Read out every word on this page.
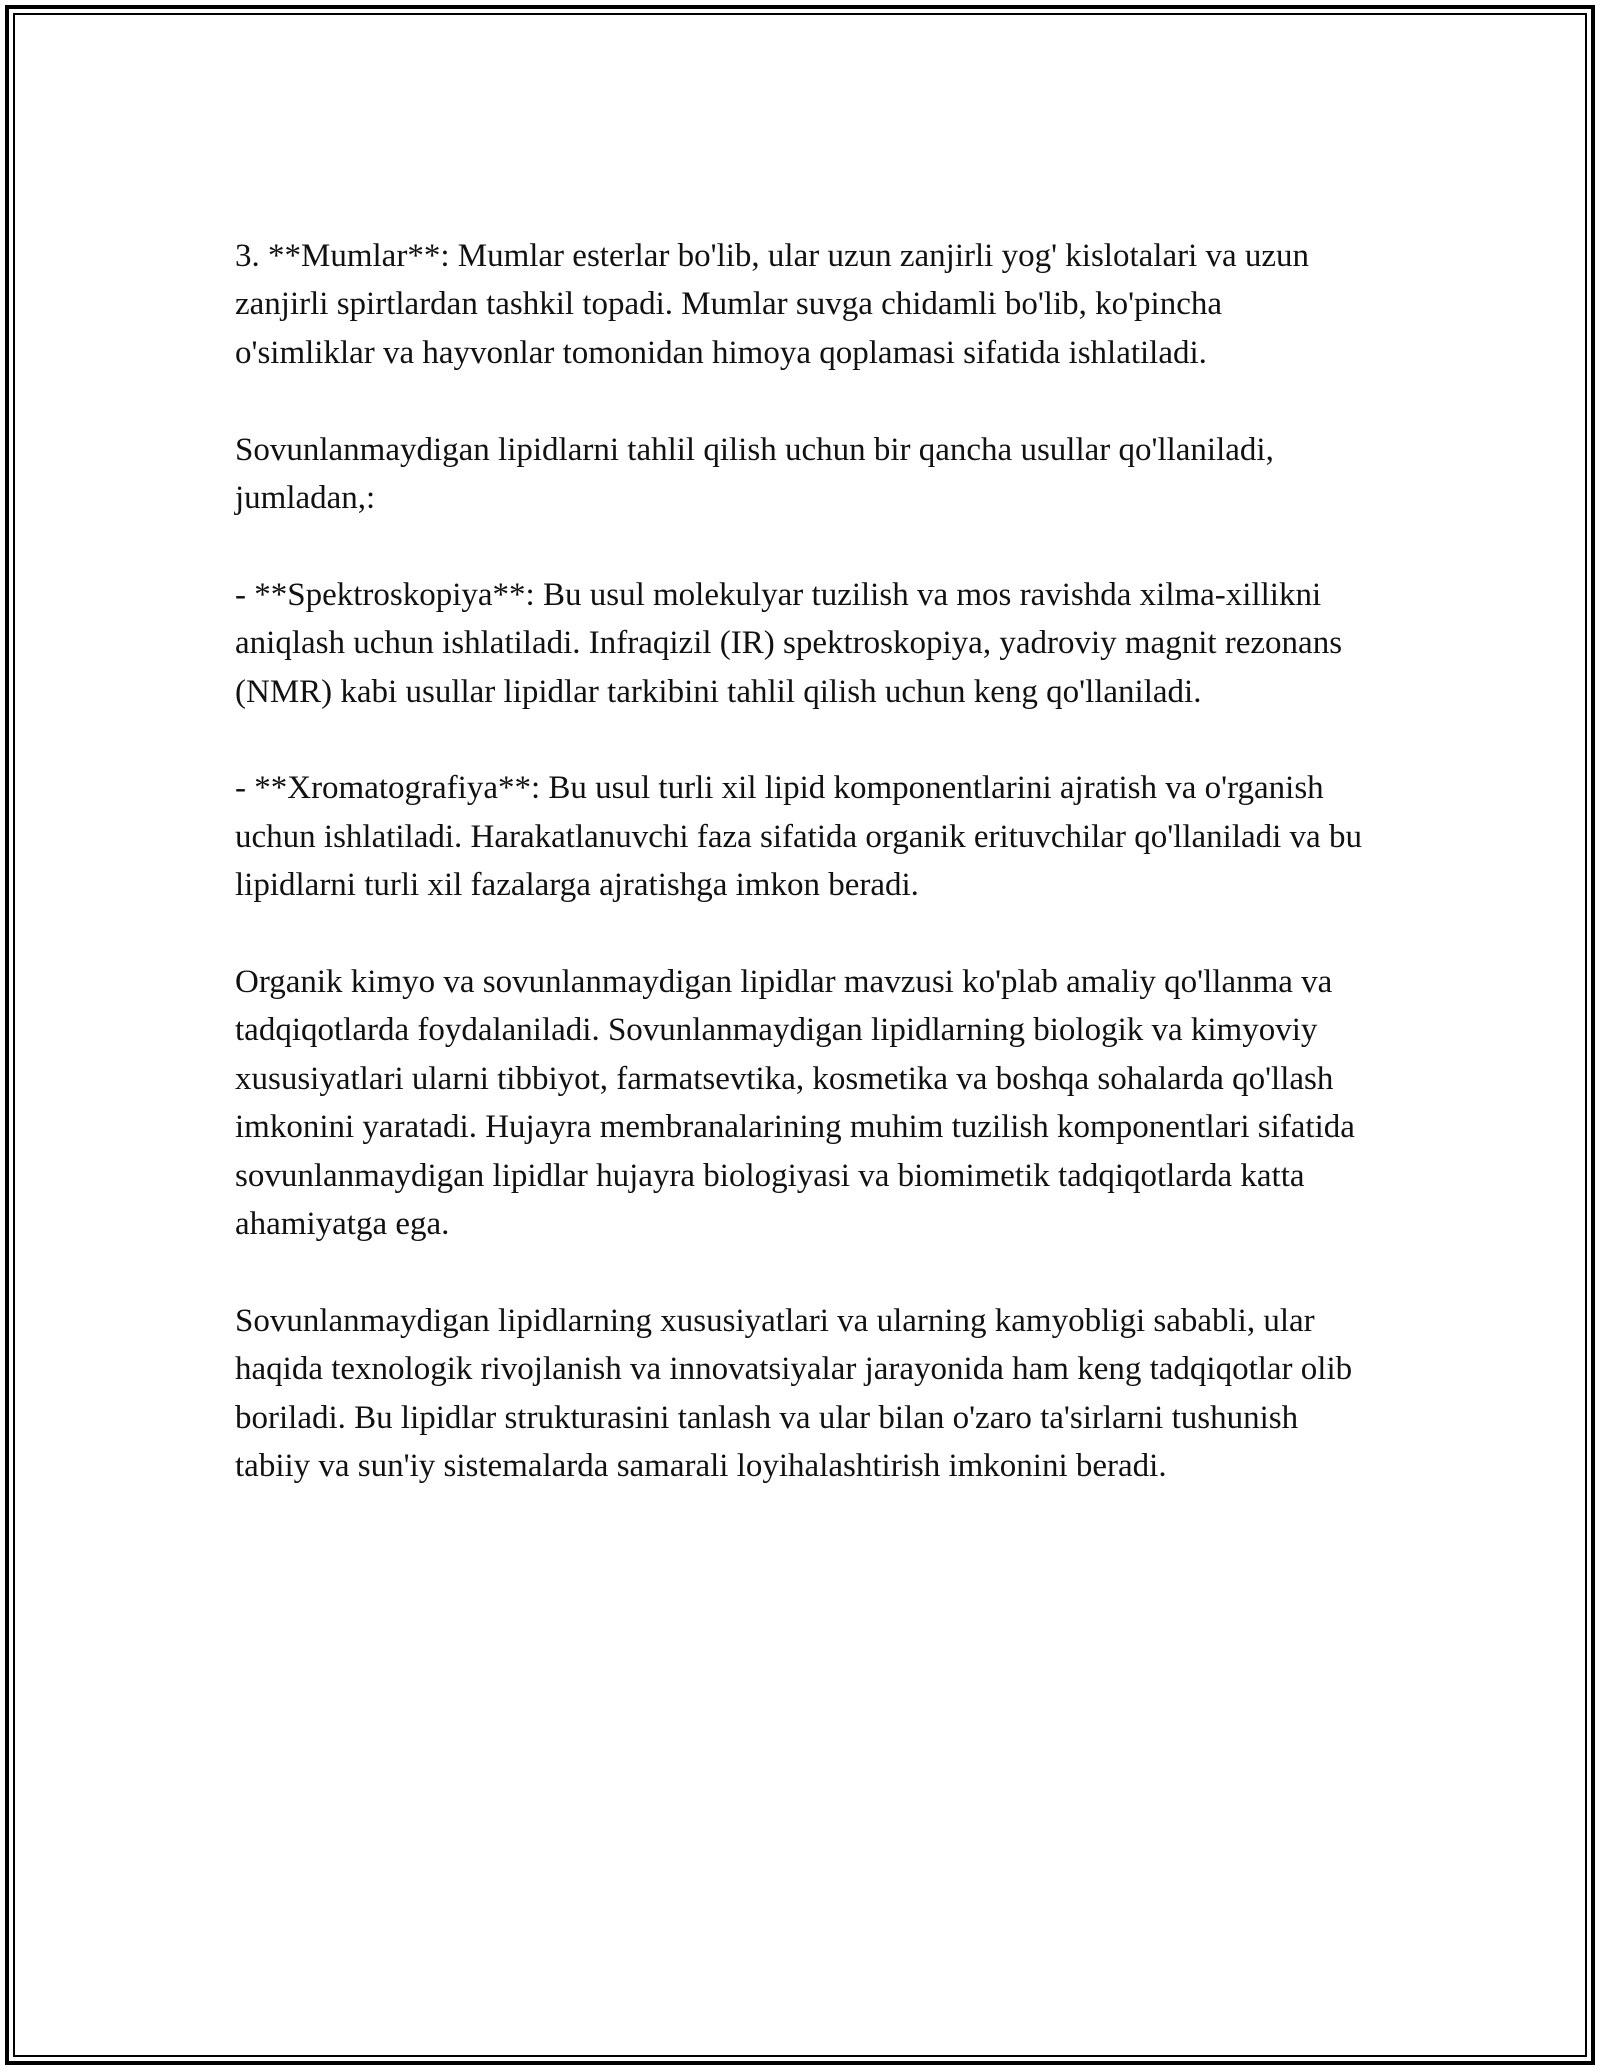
3. **Mumlar**: Mumlar esterlar bo'lib, ular uzun zanjirli yog' kislotalari va uzun zanjirli spirtlardan tashkil topadi. Mumlar suvga chidamli bo'lib, ko'pincha o'simliklar va hayvonlar tomonidan himoya qoplamasi sifatida ishlatiladi.

Sovunlanmaydigan lipidlarni tahlil qilish uchun bir qancha usullar qo'llaniladi, jumladan,:

- **Spektroskopiya**: Bu usul molekulyar tuzilish va mos ravishda xilma-xillikni aniqlash uchun ishlatiladi. Infraqizil (IR) spektroskopiya, yadroviy magnit rezonans (NMR) kabi usullar lipidlar tarkibini tahlil qilish uchun keng qo'llaniladi.

- **Xromatografiya**: Bu usul turli xil lipid komponentlarini ajratish va o'rganish uchun ishlatiladi. Harakatlanuvchi faza sifatida organik erituvchilar qo'llaniladi va bu lipidlarni turli xil fazalarga ajratishga imkon beradi.

Organik kimyo va sovunlanmaydigan lipidlar mavzusi ko'plab amaliy qo'llanma va tadqiqotlarda foydalaniladi. Sovunlanmaydigan lipidlarning biologik va kimyoviy xususiyatlari ularni tibbiyot, farmatsevtika, kosmetika va boshqa sohalarda qo'llash imkonini yaratadi. Hujayra membranalarining muhim tuzilish komponentlari sifatida sovunlanmaydigan lipidlar hujayra biologiyasi va biomimetik tadqiqotlarda katta ahamiyatga ega.

Sovunlanmaydigan lipidlarning xususiyatlari va ularning kamyobligi sababli, ular haqida texnologik rivojlanish va innovatsiyalar jarayonida ham keng tadqiqotlar olib boriladi. Bu lipidlar strukturasini tanlash va ular bilan o'zaro ta'sirlarni tushunish tabiiy va sun'iy sistemalarda samarali loyihalashtirish imkonini beradi.
